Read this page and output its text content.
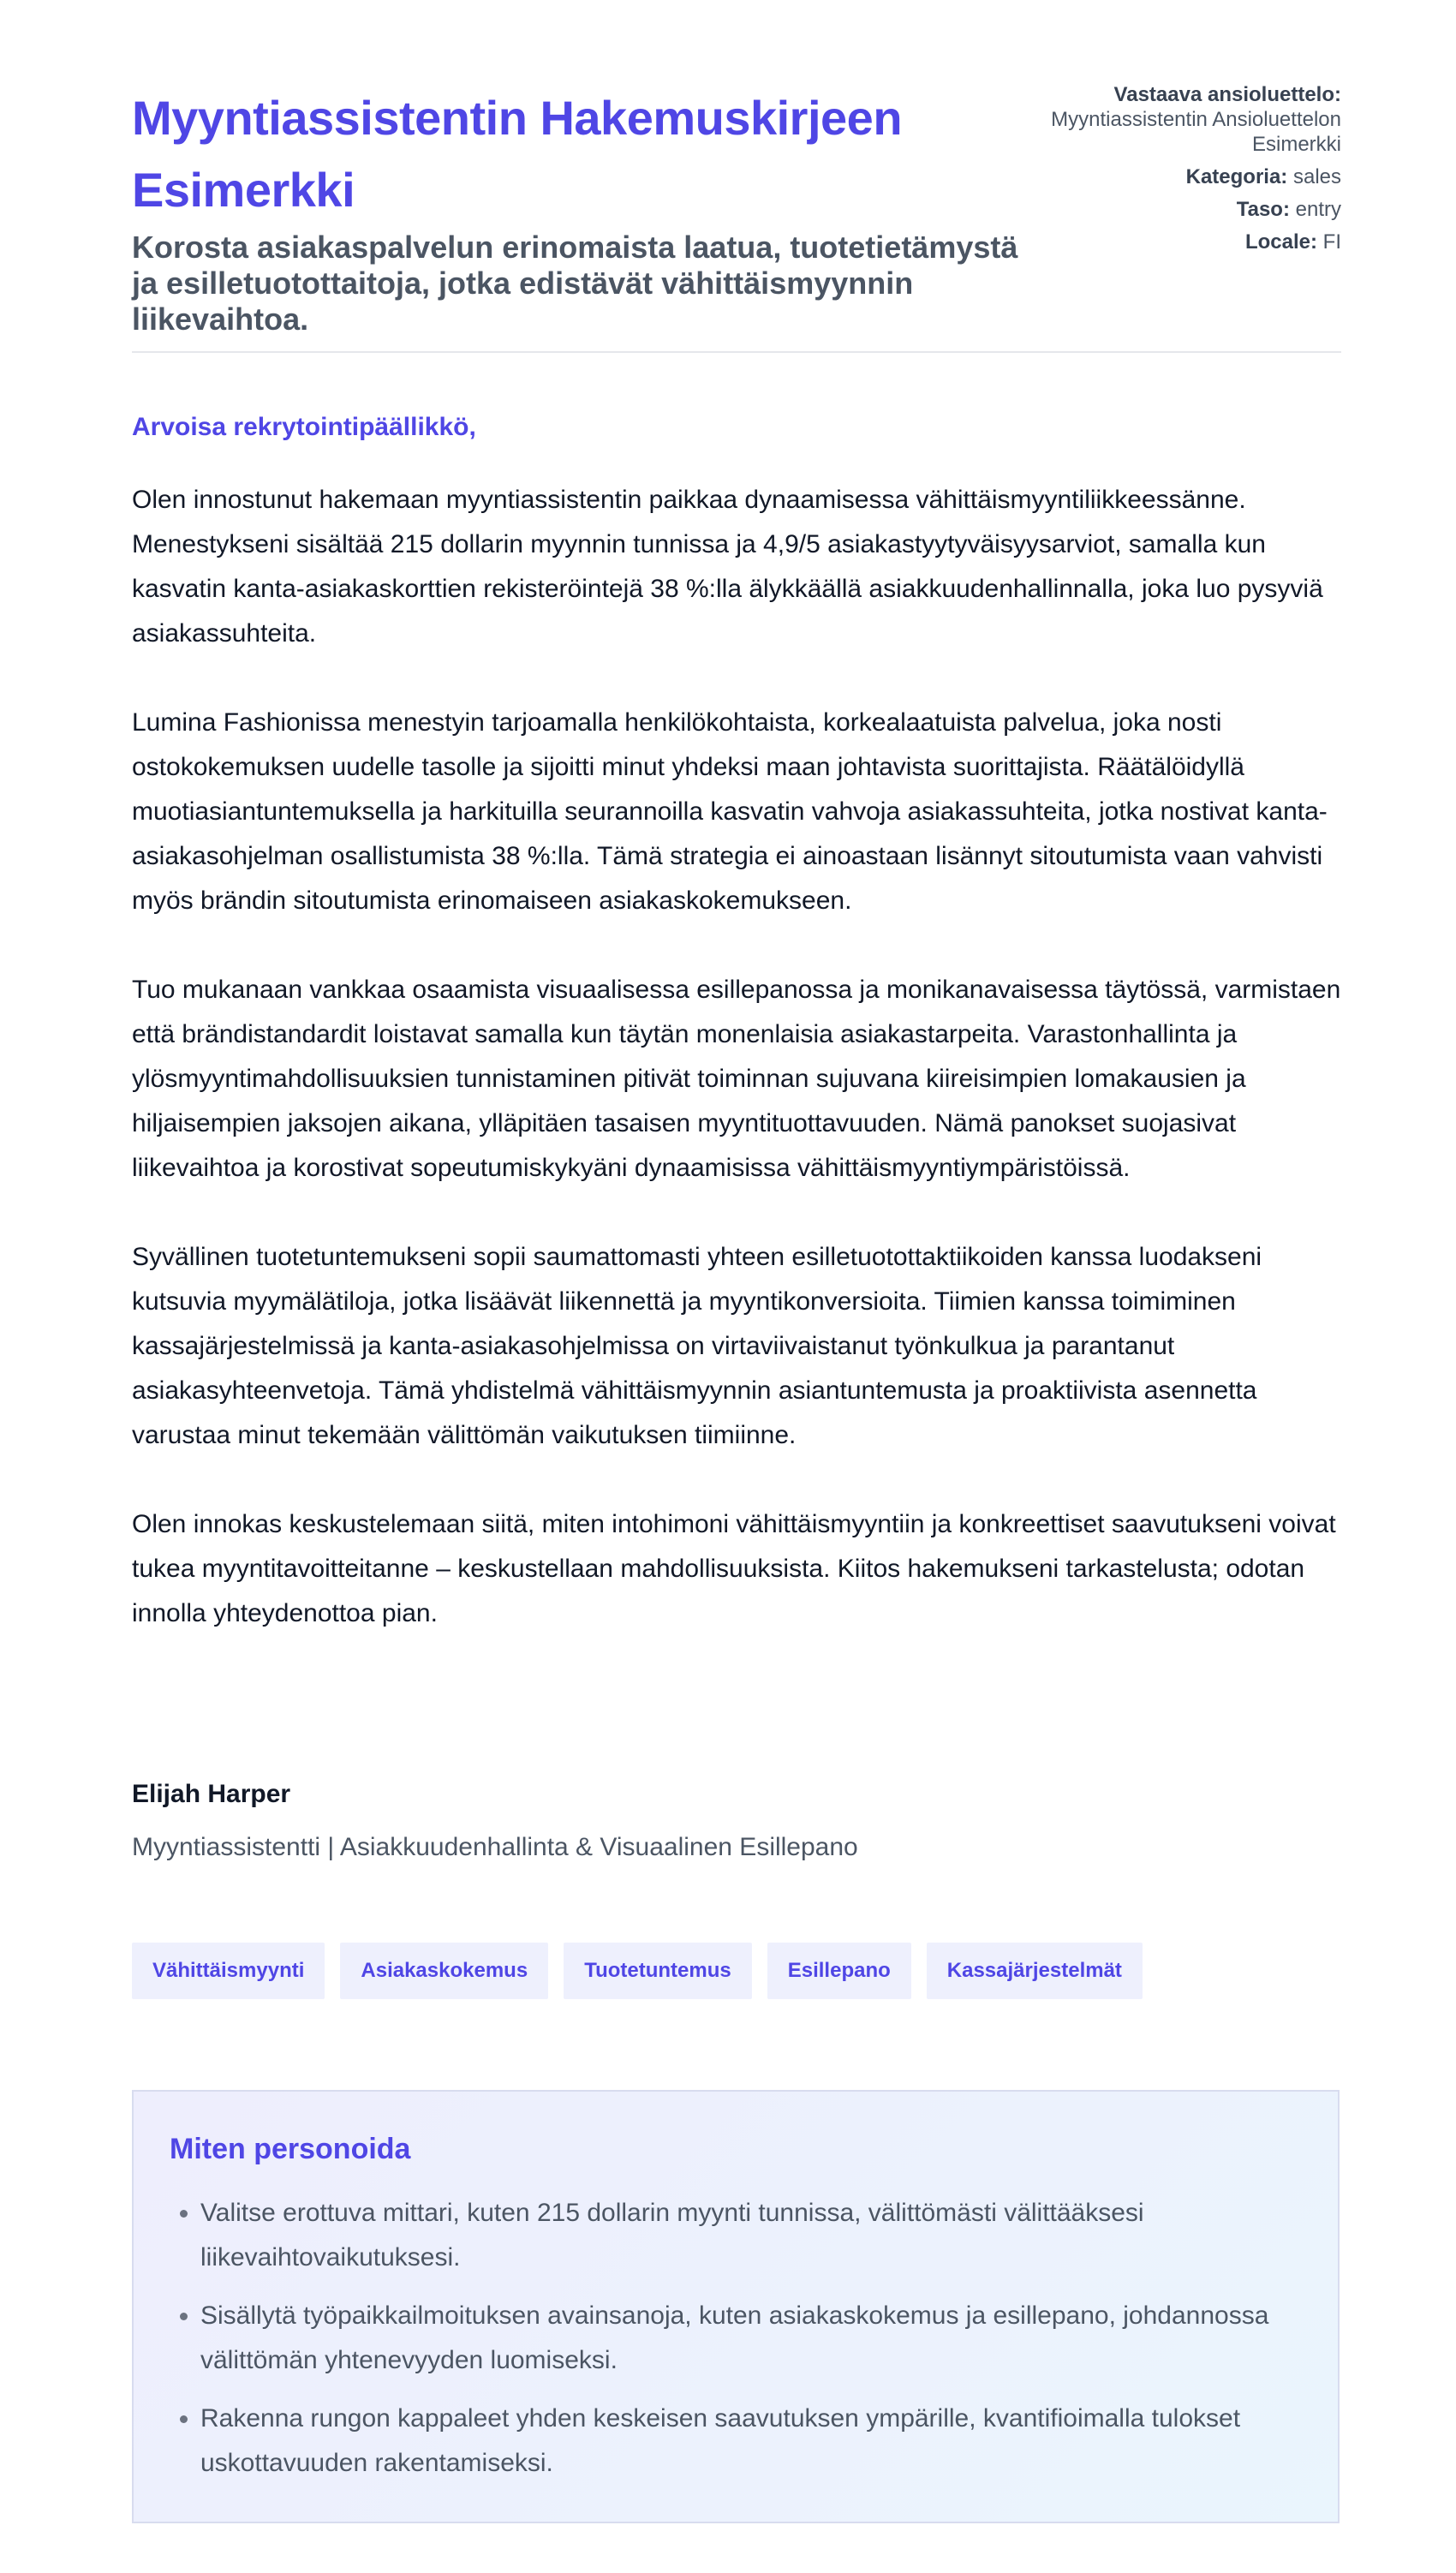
Myyntiassistentin Hakemuskirjeen Esimerkki

Korosta asiakaspalvelun erinomaista laatua, tuotetietämystä ja esilletuotottaitoja, jotka edistävät vähittäismyynnin liikevaihtoa.

Vastaava ansioluettelo:
Myyntiassistentin Ansioluettelon Esimerkki
Kategoria: sales
Taso: entry
Locale: FI
Arvoisa rekrytointipäällikkö,

Olen innostunut hakemaan myyntiassistentin paikkaa dynaamisessa vähittäismyyntiliikkeessänne. Menestykseni sisältää 215 dollarin myynnin tunnissa ja 4,9/5 asiakastyytyväisyysarviot, samalla kun kasvatin kanta-asiakaskorttien rekisteröintejä 38 %:lla älykkäällä asiakkuudenhallinnalla, joka luo pysyviä asiakassuhteita.

Lumina Fashionissa menestyin tarjoamalla henkilökohtaista, korkealaatuista palvelua, joka nosti ostokokemuksen uudelle tasolle ja sijoitti minut yhdeksi maan johtavista suorittajista. Räätälöidyllä muotiasiantuntemuksella ja harkituilla seurannoilla kasvatin vahvoja asiakassuhteita, jotka nostivat kanta-asiakasohjelman osallistumista 38 %:lla. Tämä strategia ei ainoastaan lisännyt sitoutumista vaan vahvisti myös brändin sitoutumista erinomaiseen asiakaskokemukseen.

Tuo mukanaan vankkaa osaamista visuaalisessa esillepanossa ja monikanavaisessa täytössä, varmistaen että brändistandardit loistavat samalla kun täytän monenlaisia asiakastarpeita. Varastonhallinta ja ylösmyyntimahdollisuuksien tunnistaminen pitivät toiminnan sujuvana kiireisimpien lomakausien ja hiljaisempien jaksojen aikana, ylläpitäen tasaisen myyntituottavuuden. Nämä panokset suojasivat liikevaihtoa ja korostivat sopeutumiskykyäni dynaamisissa vähittäismyyntiympäristöissä.

Syvällinen tuotetuntemukseni sopii saumattomasti yhteen esilletuotottaktiikoiden kanssa luodakseni kutsuvia myymälätiloja, jotka lisäävät liikennettä ja myyntikonversioita. Tiimien kanssa toimiminen kassajärjestelmissä ja kanta-asiakasohjelmissa on virtaviivaistanut työnkulkua ja parantanut asiakasyhteenvetoja. Tämä yhdistelmä vähittäismyynnin asiantuntemusta ja proaktiivista asennetta varustaa minut tekemään välittömän vaikutuksen tiimiinne.

Olen innokas keskustelemaan siitä, miten intohimoni vähittäismyyntiin ja konkreettiset saavutukseni voivat tukea myyntitavoitteitanne – keskustellaan mahdollisuuksista. Kiitos hakemukseni tarkastelusta; odotan innolla yhteydenottoa pian.

Elijah Harper
Myyntiassistentti | Asiakkuudenhallinta & Visuaalinen Esillepano
Vähittäismyynti	Asiakaskokemus	Tuotetuntemus	Esillepano	Kassajärjestelmät
Miten personoida
• Valitse erottuva mittari, kuten 215 dollarin myynti tunnissa, välittömästi välittääksesi liikevaihtovaikutuksesi.
• Sisällytä työpaikkailmoituksen avainsanoja, kuten asiakaskokemus ja esillepano, johdannossa välittömän yhtenevyyden luomiseksi.
• Rakenna rungon kappaleet yhden keskeisen saavutuksen ympärille, kvantifioimalla tulokset uskottavuuden rakentamiseksi.
